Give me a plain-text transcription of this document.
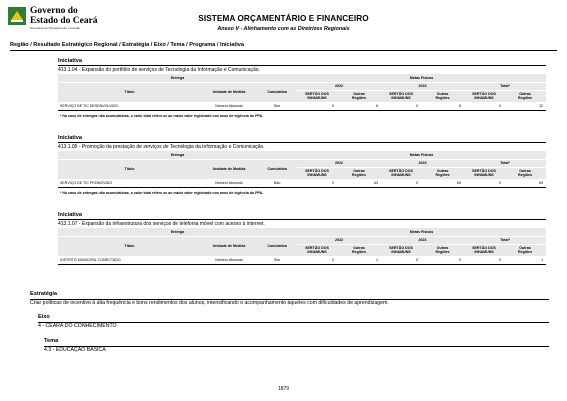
Governo do
Estado do Ceará
Secretaria do Planejamento e Gestão
SISTEMA ORÇAMENTÁRIO E FINANCEIRO
Anexo V - Alinhamento com as Diretrizes Regionais
Região / Resultado Estratégico Regional / Estratégia / Eixo / Tema / Programa / Iniciativa
Iniciativa
413.1.04 - Expansão do portfólio de serviços de Tecnologia da Informação e Comunicação.
Entrega			Metas Físicas					
Título	Unidade de Medida	Cumulativa	2022		2023		Total*	
			SERTÃO DOS
INHAMUNS	Outras
Regiões	SERTÃO DOS
INHAMUNS	Outras
Regiões	SERTÃO DOS
INHAMUNS	Outras
Regiões
SERVIÇO DE TIC DESENVOLVIDO	Número Absoluto	Sim	0	6	0	6	0	12
* No caso de entregas não acumulativas, o valor total refere-se ao maior valor registrado nos anos de vigência do PPA.
Iniciativa
413.1.05 - Promoção da prestação de serviços de Tecnologia da Informação e Comunicação.
Entrega			Metas Físicas					
Título	Unidade de Medida	Cumulativa	2022		2023		Total*	
			SERTÃO DOS
INHAMUNS	Outras
Regiões	SERTÃO DOS
INHAMUNS	Outras
Regiões	SERTÃO DOS
INHAMUNS	Outras
Regiões
SERVIÇO DE TIC PROMOVIDO	Número Absoluto	Não	0	63	0	69	0	69
* No caso de entregas não acumulativas, o valor total refere-se ao maior valor registrado nos anos de vigência do PPA.
Iniciativa
413.1.07 - Expansão da infraestrutura dos serviços de telefonia móvel com acesso à internet.
Entrega			Metas Físicas					
Título	Unidade de Medida	Cumulativa	2022		2023		Total*	
			SERTÃO DOS
INHAMUNS	Outras
Regiões	SERTÃO DOS
INHAMUNS	Outras
Regiões	SERTÃO DOS
INHAMUNS	Outras
Regiões
DISTRITO MUNICIPAL CONECTADO	Número Absoluto	Sim	0	1	0	0	0	1
Estratégia
Criar políticas de incentivo à alta frequência e bons rendimentos dos alunos, intensificando o acompanhamento àqueles com dificuldades de aprendizagem.
Eixo
4 - CEARÁ DO CONHECIMENTO
Tema
4.3 - EDUCAÇÃO BÁSICA
1879
